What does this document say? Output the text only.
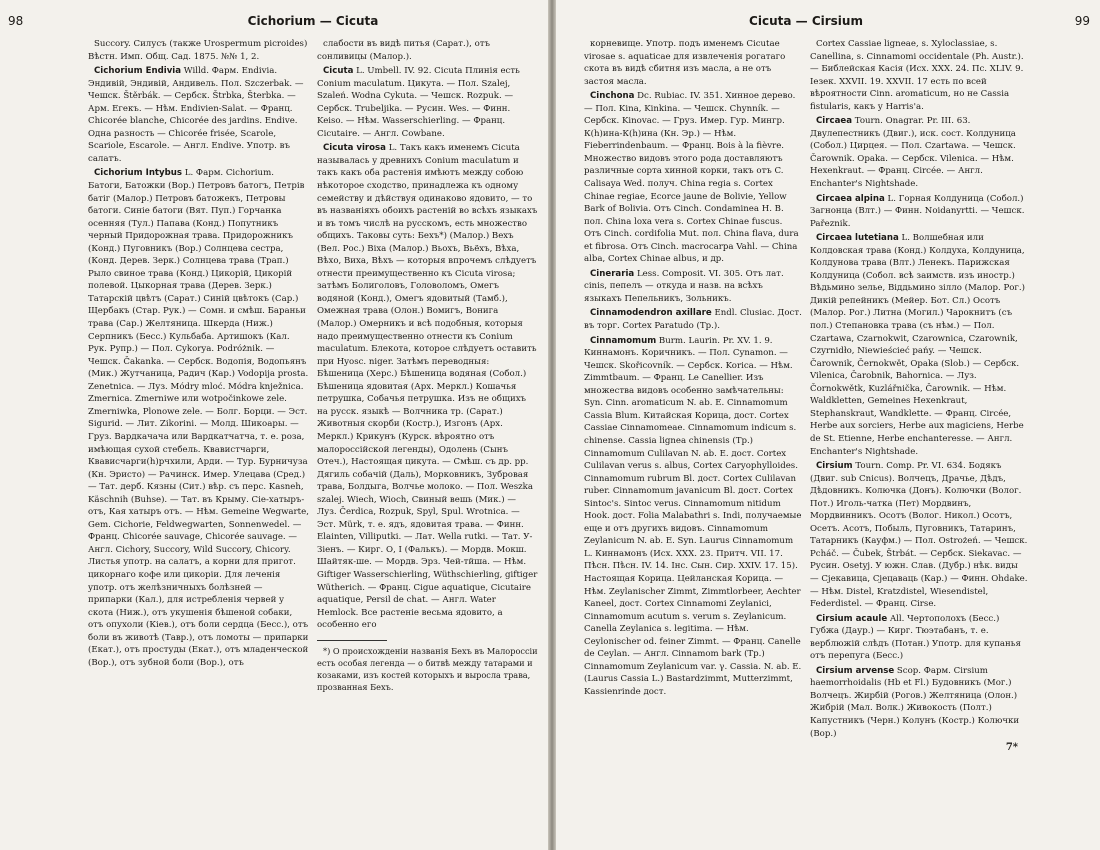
98	Cichorium — Cicuta

Succory. Силусъ (также Urospermum picroides) Вѣстн. Имп. Общ. Сад. 1875. №№ 1, 2.

Cichorium Endivia Willd. Фарм. Endivia. Эндивій, Эндивій, Андивель. Пол. Szczerbak. — Чешск. Štěrbák. — Сербск. Štrbka, Šterbka. — Арм. Егекъ. — Нѣм. Endivien-Salat. — Франц. Chicorée blanche, Chicorée des jardins. Endive. Одна разность — Chicorée frisée, Scarole, Scariole, Escarole. — Англ. Endive. Употр. въ салатъ.

Cichorium Intybus L. Фарм. Cichorium. Батоги, Батожки (Вор.) Петровъ батогъ, Петрів батіг (Малор.) Петровъ батожекъ, Петровы батоги. Синіе батоги (Вят. Пуп.) Горчанка осенняя (Тул.) Папава (Конд.) Попутникъ черный Придорожная трава. Придорожникъ (Конд.) Пуговникъ (Вор.) Солнцева сестра, (Конд. Дерев. Зерк.) Солнцева трава (Трап.) Рыло свиное трава (Конд.) Цикорій, Цикорій полевой. Цыкорная трава (Дерев. Зерк.) Татарскій цвѣтъ (Сарат.) Синій цвѣтокъ (Сар.) Щербакъ (Стар. Рук.) — Сомн. и смѣш. Бараньи трава (Сар.) Желтяница. Шкерда (Ниж.) Серпникъ (Бесс.) Кульбаба. Артишокъ (Кал. Рук. Рупр.) — Пол. Cykorya. Podróżnik. — Чешск. Čakanka. — Сербск. Водопія, Водопьянъ (Мик.) Жутчаница, Радич (Кар.) Vodopija prosta. Zenetnica. — Луз. Módry mloć. Módra knježnica. Zmernica. Zmerniwe или wotpočinkowe zele. Zmerniwka, Plonowe zele. — Болг. Борци. — Эст. Sigurid. — Лит. Zikorini. — Молд. Шикоары. — Груз. Вардкачача или Вардкатчатча, т. е. роза, имѣющая сухой стебель. Квавистчарги, Квависчарги(h)рчхили, Арди. — Тур. Бурничуза (Кн. Эристо) — Рачинск. Имер. Улецава (Сред.) — Тат. дерб. Кязны (Сит.) вѣр. съ перс. Kasneh, Käschnih (Buhse). — Тат. въ Крыму. Сіе-хатыръ-отъ, Кая хатыръ отъ. — Нѣм. Gemeine Wegwarte, Gem. Cichorie, Feldwegwarten, Sonnenwedel. — Франц. Chicorée sauvage, Chicorée sauvage. — Англ. Cichory, Succory, Wild Succory, Chicory. Листья употр. на салатъ, а корни для пригот. цикорнаго кофе или цикоріи. Для леченія употр. отъ желѣзничныхъ болѣзней — припарки (Кал.), для истребленія червей у скота (Ниж.), отъ укушенія бѣшеной собаки, отъ опухоли (Кіев.), отъ боли сердца (Бесс.), отъ боли въ животѣ (Тавр.), отъ ломоты — припарки (Екат.), отъ простуды (Екат.), отъ младенческой (Вор.), отъ зубной боли (Вор.), отъ

слабости въ видѣ питья (Сарат.), отъ сонливицы (Малор.).

Cicuta L. Umbell. IV. 92. Cicuta Плинія есть Conium maculatum. Цикута. — Пол. Szalej, Szaleń. Wodna Cykuta. — Чешск. Rozpuk. — Сербск. Trubeljika. — Русин. Wes. — Финн. Keiso. — Нѣм. Wasserschierling. — Франц. Cicutaire. — Англ. Cowbane.

Cicuta virosa L. Такъ какъ именемъ Cicuta называлась у древнихъ Conium maculatum и такъ какъ оба растенія имѣютъ между собою нѣкоторое сходство, принадлежа къ одному семейству и дѣйствуя одинаково ядовито, — то въ названіяхъ обоихъ растеній во всѣхъ языкахъ и въ томъ числѣ на русскомъ, есть множество общихъ. Таковы суть: Бехъ*) (Малор.) Вехъ (Вел. Рос.) Віха (Малор.) Вьохъ, Вьёхъ, Вѣха, Вѣхо, Виха, Вѣхъ — которыя впрочемъ слѣдуетъ отнести преимущественно къ Cicuta virosa; затѣмъ Болиголовъ, Головоломъ, Омегъ водяной (Конд.), Омегъ ядовитый (Тамб.), Омежная трава (Олон.) Вомигъ, Вонига (Малор.) Омерникъ и всѣ подобныя, которыя надо преимущественно отнести къ Conium maculatum. Блекота, которое слѣдуетъ оставить при Hyosc. niger. Затѣмъ переводныя: Бѣшеница (Херс.) Бѣшеница водяная (Собол.) Бѣшеница ядовитая (Арх. Меркл.) Кошачья петрушка, Собачья петрушка. Изъ не общихъ на русск. языкѣ — Волчника тр. (Сарат.) Животныя скорби (Костр.), Изгонъ (Арх. Меркл.) Крикунъ (Курск. вѣроятно отъ малороссійской легенды), Одолень (Сынъ Отеч.), Настоящая цикута. — Смѣш. съ др. рр. Дягиль собачій (Даль), Морковникъ, Зубровая трава, Болдыга, Волчье молоко. — Пол. Weszka szalej. Wiech, Wioch, Свиный вешь (Мик.) — Луз. Čerdica, Rozpuk, Spyl, Spul. Wrotnica. — Эст. Mürk, т. е. ядъ, ядовитая трава. — Финн. Elainten, Villiputki. — Лат. Wella rutki. — Тат. У-Зіенъ. — Кирг. О, I (Фалькъ). — Мордв. Мокш. Шайтяк-ше. — Мордв. Эрз. Чей-тйша. — Нѣм. Giftiger Wasserschierling, Wüthschierling, giftiger Wütherich. — Франц. Cigue aquatique, Cicutaire aquatique, Persil de chat. — Англ. Water Hemlock. Все растеніе весьма ядовито, а особенно его

*) О происхожденіи названія Бехъ въ Малороссіи есть особая легенда — о битвѣ между татарами и козаками, изъ костей которыхъ и выросла трава, прозванная Бехъ.
Cicuta — Cirsium	99

корневище. Употр. подъ именемъ Cicutae virosae s. aquaticae для извлеченія рогатаго скота въ видѣ сбитня изъ масла, а не отъ застоя масла.

Cinchona Dc. Rubiac. IV. 351. Хинное дерево. — Пол. Kina, Kinkina. — Чешск. Chynník. — Сербск. Kinovac. — Груз. Имер. Гур. Мингр. К(h)ина-К(h)ина (Кн. Эр.) — Нѣм. Fieberrindenbaum. — Франц. Bois à la fièvre. Множество видовъ этого рода доставляютъ различные сорта хинной корки, такъ отъ C. Calisaya Wed. получ. China regia s. Cortex Chinae regiae, Ecorce jaune de Bolivie, Yellow Bark of Bolivia. Отъ Cinch. Condaminea H. B. пол. China loxa vera s. Cortex Chinae fuscus. Отъ Cinch. cordifolia Mut. пол. China flava, dura et fibrosa. Отъ Cinch. macrocarpa Vahl. — China alba, Cortex Chinae albus, и др.

Cineraria Less. Composit. VI. 305. Отъ лат. cinis, пепелъ — откуда и назв. на всѣхъ языкахъ Пепельникъ, Зольникъ.

Cinnamodendron axillare Endl. Clusiac. Дост. въ торг. Cortex Paratudo (Тр.).

Cinnamomum Burm. Laurin. Pr. XV. 1. 9. Киннамонъ. Коричникъ. — Пол. Cynamon. — Чешск. Skořicovník. — Сербск. Korica. — Нѣм. Zimmtbaum. — Франц. Le Canellier. Изъ множества видовъ особенно замѣчательны: Syn. Cinn. aromaticum N. ab. E. Cinnamomum Cassia Blum. Китайская Корица, дост. Cortex Cassiae Cinnamomeae. Cinnamomum indicum s. chinense. Cassia lignea chinensis (Тр.) Cinnamomum Culilavan N. ab. E. дост. Cortex Culilavan verus s. albus, Cortex Caryophylloides. Cinnamomum rubrum Bl. дост. Cortex Culilavan ruber. Cinnamomum javanicum Bl. дост. Cortex Sintoc's. Sintoc verus. Cinnamomum nitidum Hook. дост. Folia Malabathri s. Indi, получаемые еще и отъ другихъ видовъ. Cinnamomum Zeylanicum N. ab. E. Syn. Laurus Cinnamomum L. Киннамонъ (Исх. XXX. 23. Притч. VII. 17. Пѣсн. Пѣсн. IV. 14. Інс. Сын. Сир. XXIV. 17. 15). Настоящая Корица. Цейланская Корица. — Нѣм. Zeylanischer Zimmt, Zimmtlorbeer, Aechter Kaneel, дост. Cortex Cinnamomi Zeylanici, Cinnamomum acutum s. verum s. Zeylanicum. Canella Zeylanica s. legitima. — Нѣм. Ceylonischer od. feiner Zimmt. — Франц. Canelle de Ceylan. — Англ. Cinnamom bark (Тр.) Cinnamomum Zeylanicum var. γ. Cassia. N. ab. E. (Laurus Cassia L.) Bastardzimmt, Mutterzimmt, Kassienrinde дост.

Cortex Cassiae ligneae, s. Xyloclassiae, s. Canellina, s. Cinnamomi occidentale (Ph. Austr.). — Библейская Касія (Исх. XXX. 24. Пс. XLIV. 9. Іезек. XXVII. 19. XXVII. 17 есть по всей вѣроятности Cinn. aromaticum, но не Cassia fistularis, какъ у Harris'а.

Circaea Tourn. Onagrar. Pr. III. 63. Двулепестникъ (Двиг.), иск. сост. Колдуница (Собол.) Цирцея. — Пол. Czartawa. — Чешск. Čarownik. Opaka. — Сербск. Vilenica. — Нѣм. Hexenkraut. — Франц. Circée. — Англ. Enchanter's Nightshade.

Circaea alpina L. Горная Колдуница (Собол.) Загнонца (Влт.) — Финн. Noidanyrtti. — Чешск. Pařeznik.

Circaea lutetiana L. Волшебная или Колдовская трава (Конд.) Колдуха, Колдуница, Колдунова трава (Влт.) Ленекъ. Парижская Колдуница (Собол. всѣ заимств. изъ иностр.) Вѣдьмино зелье, Віддьмино зілло (Малор. Рог.) Дикій репейникъ (Мейер. Бот. Сл.) Осотъ (Малор. Рог.) Литна (Могил.) Чарокнитъ (съ пол.) Степановка трава (съ нѣм.) — Пол. Czartawa, Czarnokwit, Czarownica, Czarownik, Czyrnidło, Niewieścieć pańy. — Чешск. Čarownik, Černokwět, Opaka (Slob.) — Сербск. Vilenica, Čarobnik, Bahornica. — Луз. Čornokwětk, Kuzlářnička, Čarownik. — Нѣм. Waldkletten, Gemeines Hexenkraut, Stephanskraut, Wandklette. — Франц. Circée, Herbe aux sorciers, Herbe aux magiciens, Herbe de St. Etienne, Herbe enchanteresse. — Англ. Enchanter's Nightshade.

Cirsium Tourn. Comp. Pr. VI. 634. Бодякъ (Двиг. sub Cnicus). Волчецъ, Драчье, Дѣдъ, Дѣдовникъ. Колючка (Донъ). Колючки (Волог. Пот.) Иголь-чатка (Пет) Мордвинъ, Мордвинникъ. Осотъ (Волог. Никол.) Осотъ, Осетъ. Асотъ, Побыль, Пуговникъ, Татаринъ, Татарникъ (Кауфм.) — Пол. Ostrożeń. — Чешск. Pcháč. — Čubek, Štrbát. — Сербск. Siekavac. — Русин. Osetyj. У южн. Слав. (Дубр.) нѣк. виды — Сjекавица, Сjецаваць (Кар.) — Финн. Ohdake. — Нѣм. Distel, Kratzdistel, Wiesendistel, Federdistel. — Франц. Cirse.

Cirsium acaule All. Чертополохъ (Бесс.) Губжа (Даур.) — Кирг. Тюэтабанъ, т. е. верблюжій слѣдъ (Потан.) Употр. для купанья отъ перепуга (Бесс.)

Cirsium arvense Scop. Фарм. Cirsium haemorrhoidalis (Hb et Fl.) Будовникъ (Мог.) Волчецъ. Жирбій (Рогов.) Желтяница (Олон.) Жибрій (Мал. Волк.) Живокость (Полт.) Капустникъ (Черн.) Колунъ (Костр.) Колючки (Вор.)

7*
